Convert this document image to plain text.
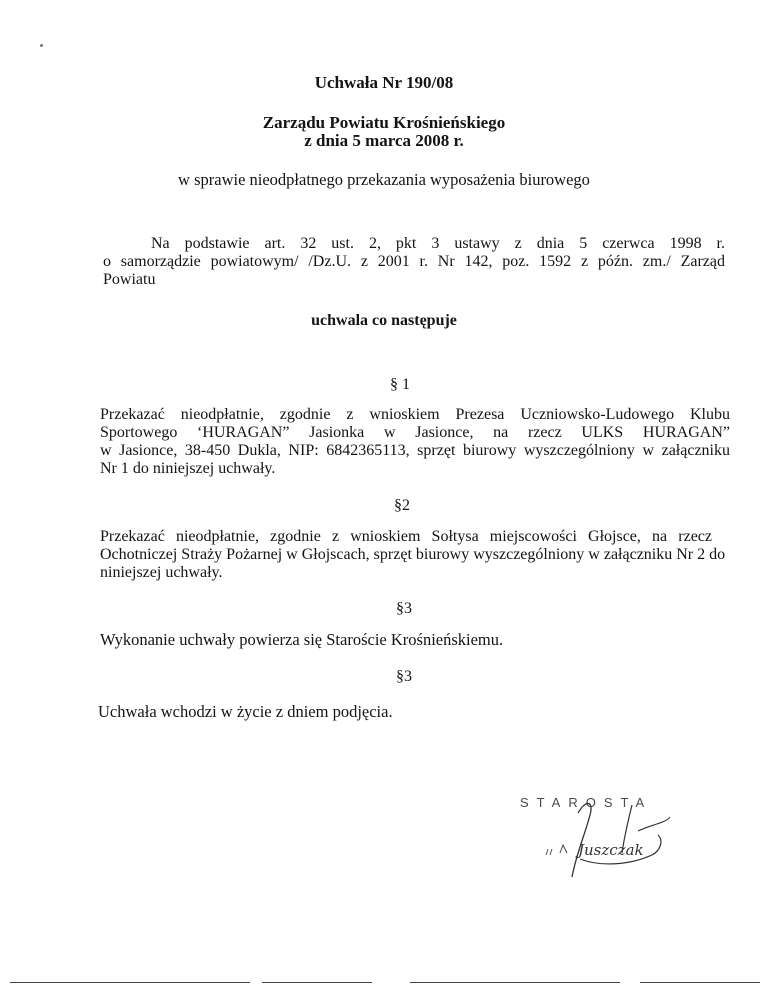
Uchwała Nr 190/08
Zarządu Powiatu Krośnieńskiego
z dnia 5 marca 2008 r.
w sprawie nieodpłatnego przekazania wyposażenia biurowego
Na podstawie art. 32 ust. 2, pkt 3 ustawy z dnia 5 czerwca 1998 r.
o samorządzie powiatowym/ /Dz.U. z 2001 r. Nr 142, poz. 1592 z późn. zm./ Zarząd
Powiatu
uchwala co następuje
§ 1
Przekazać nieodpłatnie, zgodnie z wnioskiem Prezesa Uczniowsko-Ludowego Klubu
Sportowego ‘HURAGAN” Jasionka w Jasionce, na rzecz ULKS HURAGAN”
w Jasionce, 38-450 Dukla, NIP: 6842365113, sprzęt biurowy wyszczególniony w załączniku
Nr 1 do niniejszej uchwały.
§2
Przekazać nieodpłatnie, zgodnie z wnioskiem Sołtysa miejscowości Głojsce, na rzecz
Ochotniczej Straży Pożarnej w Głojscach, sprzęt biurowy wyszczególniony w załączniku Nr 2 do
niniejszej uchwały.
§3
Wykonanie uchwały powierza się Staroście Krośnieńskiemu.
§3
Uchwała wchodzi w życie z dniem podjęcia.
STAROSTA
Juszczak
